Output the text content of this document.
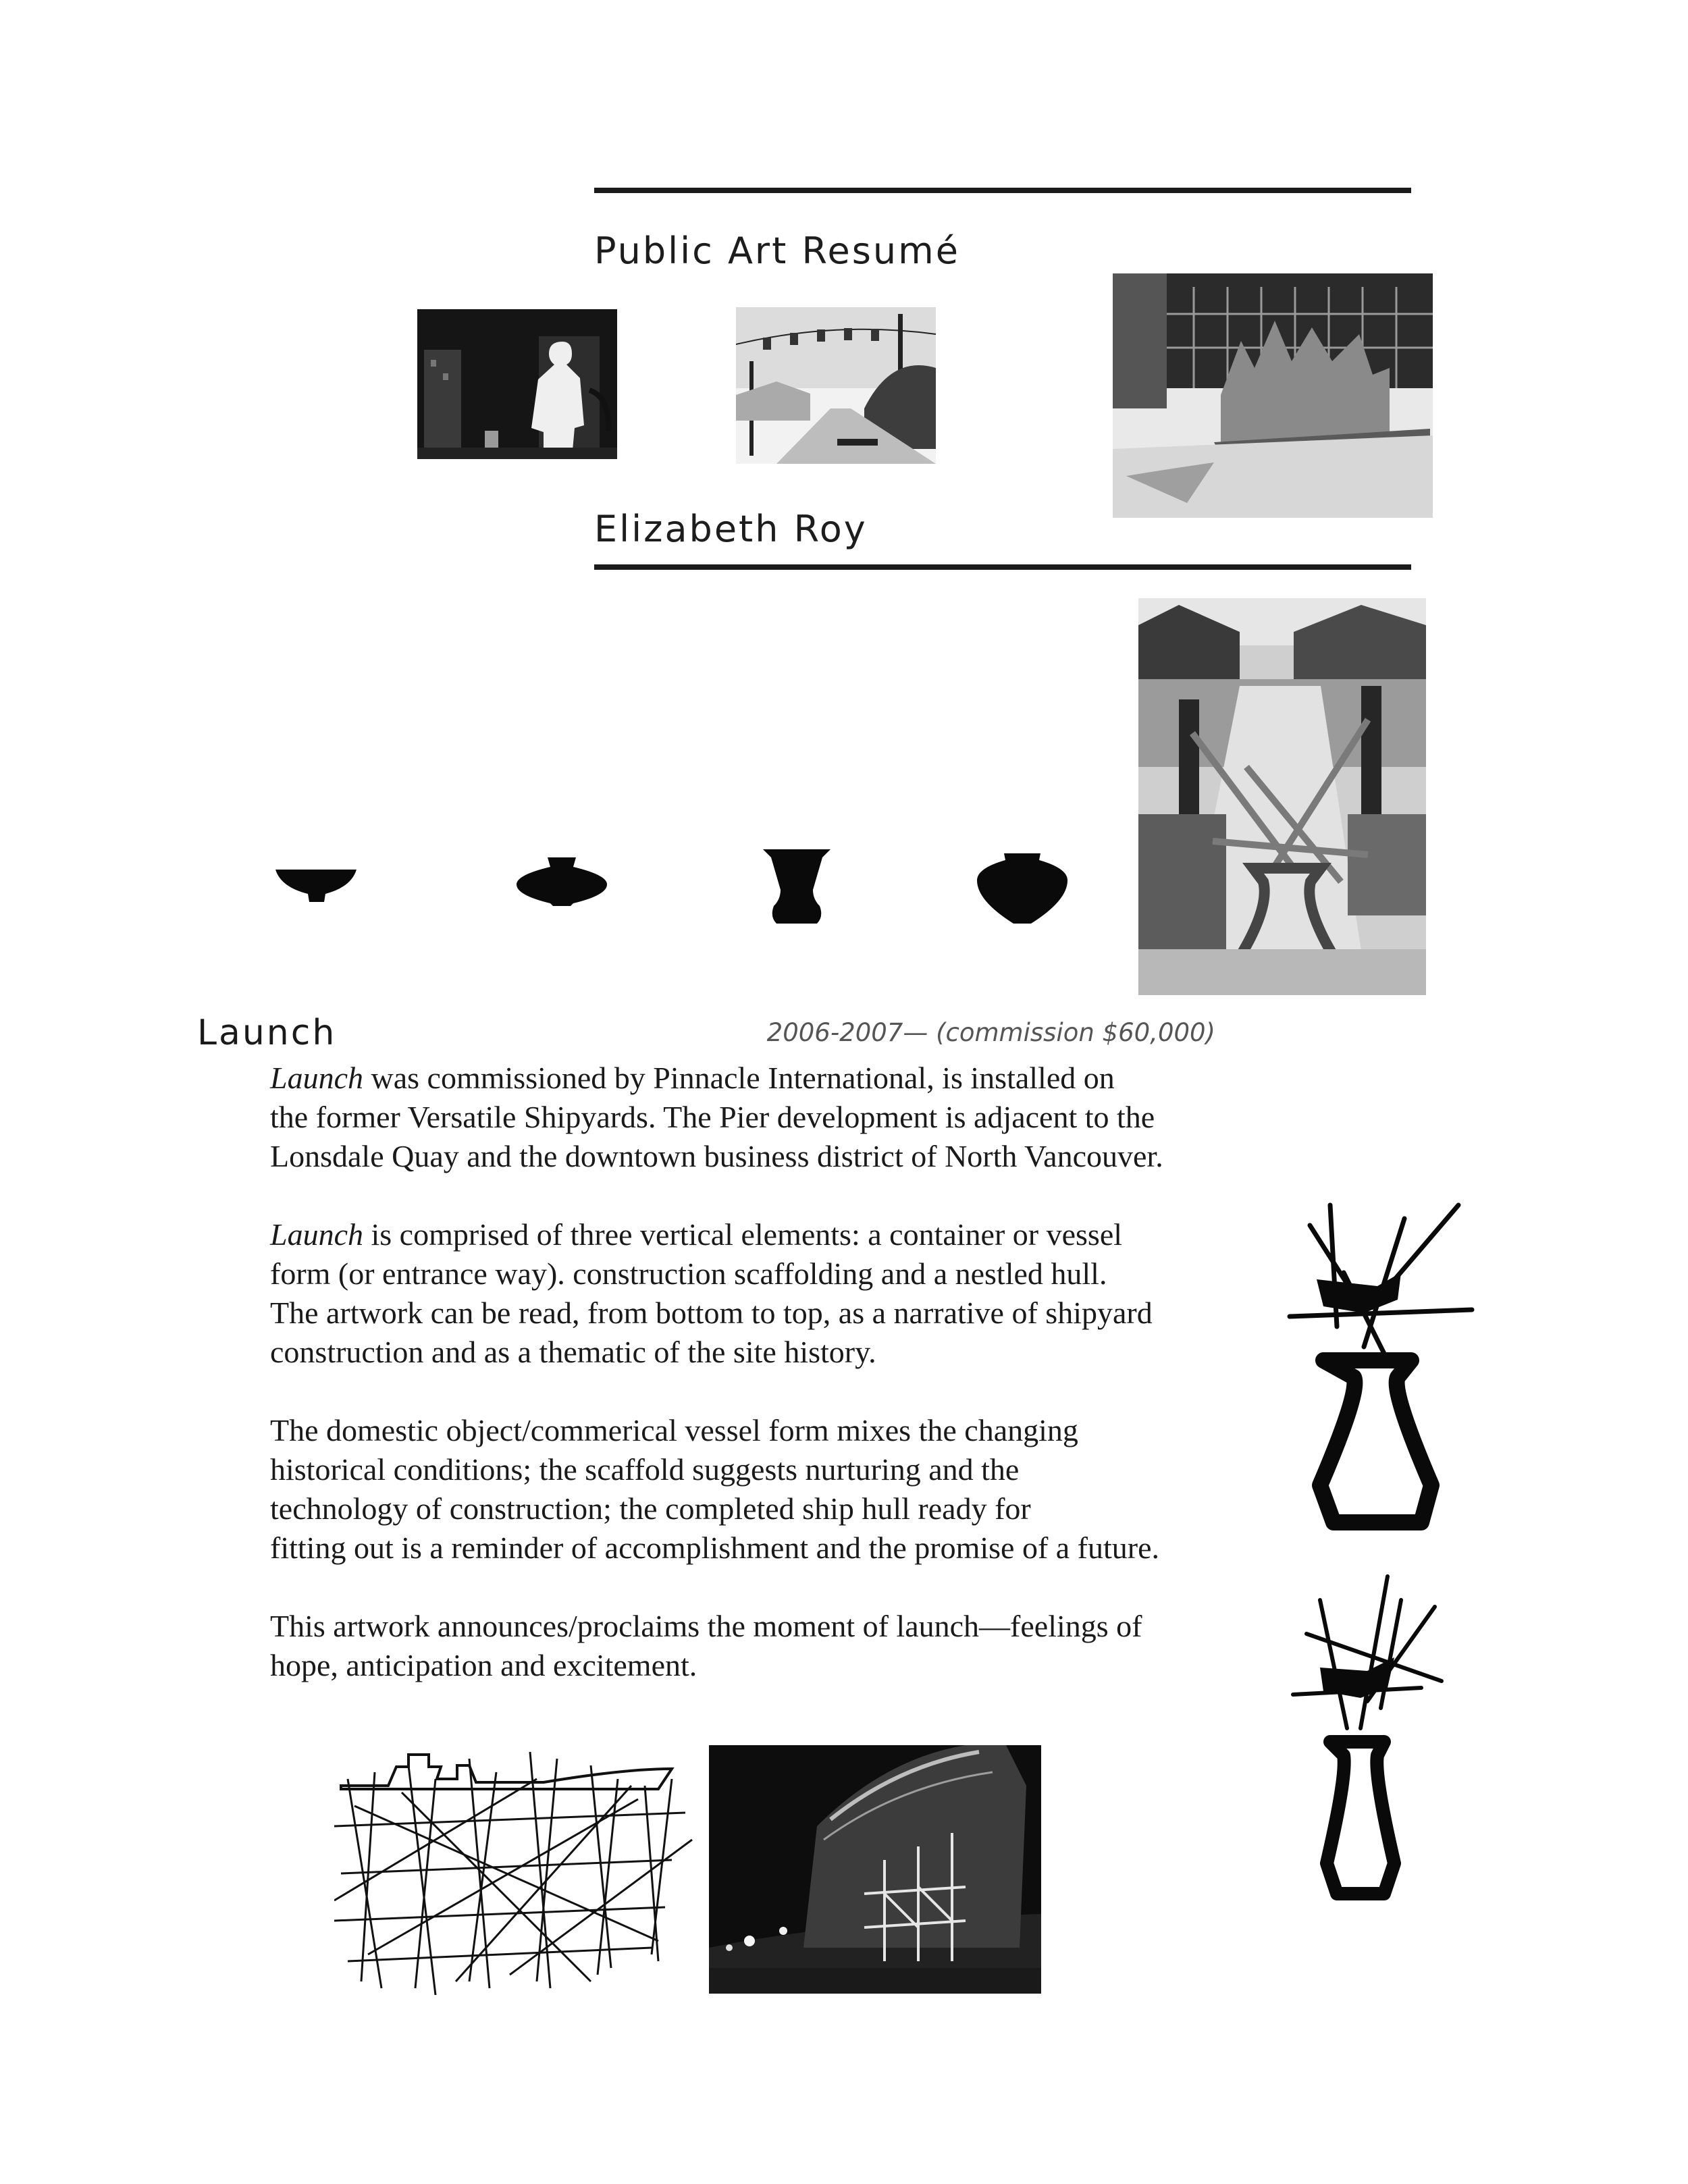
Public Art Resumé
Elizabeth Roy
Launch	2006-2007— (commission $60,000)

Launch was commissioned by Pinnacle International, is installed on
the former Versatile Shipyards. The Pier development is adjacent to the
Lonsdale Quay and the downtown business district of North Vancouver.

Launch is comprised of three vertical elements: a container or vessel
form (or entrance way). construction scaffolding and a nestled hull.
The artwork can be read, from bottom to top, as a narrative of shipyard
construction and as a thematic of the site history.

The domestic object/commerical vessel form mixes the changing
historical conditions; the scaffold suggests nurturing and the
technology of construction; the completed ship hull ready for
fitting out is a reminder of accomplishment and the promise of a future.

This artwork announces/proclaims the moment of launch—feelings of
hope, anticipation and excitement.
